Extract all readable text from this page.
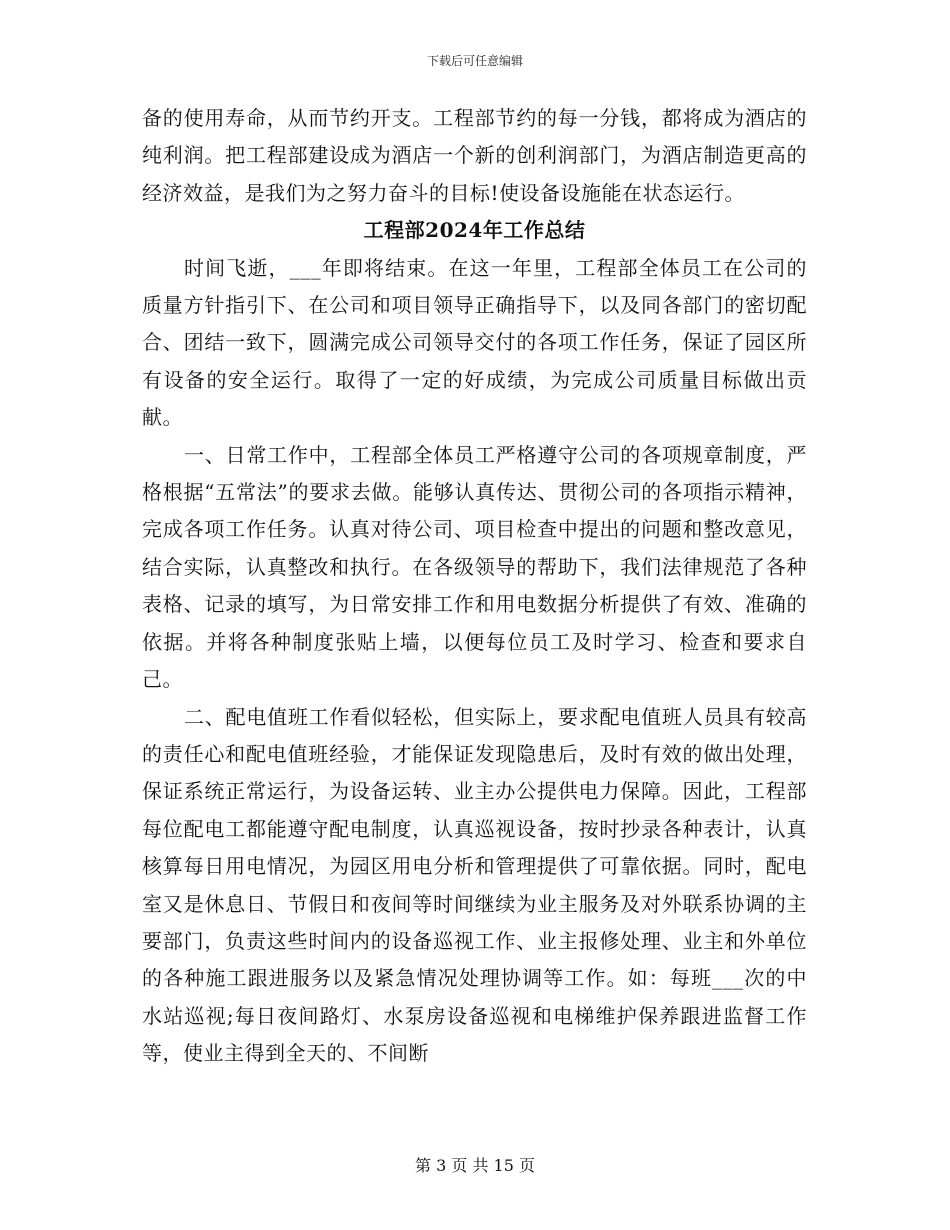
下载后可任意编辑

备的使用寿命，从而节约开支。工程部节约的每一分钱，都将成为酒店的纯利润。把工程部建设成为酒店一个新的创利润部门，为酒店制造更高的经济效益，是我们为之努力奋斗的目标!使设备设施能在状态运行。

工程部2024年工作总结

时间飞逝，___年即将结束。在这一年里，工程部全体员工在公司的质量方针指引下、在公司和项目领导正确指导下，以及同各部门的密切配合、团结一致下，圆满完成公司领导交付的各项工作任务，保证了园区所有设备的安全运行。取得了一定的好成绩，为完成公司质量目标做出贡献。

一、日常工作中，工程部全体员工严格遵守公司的各项规章制度，严格根据“五常法”的要求去做。能够认真传达、贯彻公司的各项指示精神，完成各项工作任务。认真对待公司、项目检查中提出的问题和整改意见，结合实际，认真整改和执行。在各级领导的帮助下，我们法律规范了各种表格、记录的填写，为日常安排工作和用电数据分析提供了有效、准确的依据。并将各种制度张贴上墙，以便每位员工及时学习、检查和要求自己。

二、配电值班工作看似轻松，但实际上，要求配电值班人员具有较高的责任心和配电值班经验，才能保证发现隐患后，及时有效的做出处理，保证系统正常运行，为设备运转、业主办公提供电力保障。因此，工程部每位配电工都能遵守配电制度，认真巡视设备，按时抄录各种表计，认真核算每日用电情况，为园区用电分析和管理提供了可靠依据。同时，配电室又是休息日、节假日和夜间等时间继续为业主服务及对外联系协调的主要部门，负责这些时间内的设备巡视工作、业主报修处理、业主和外单位的各种施工跟进服务以及紧急情况处理协调等工作。如：每班___次的中水站巡视;每日夜间路灯、水泵房设备巡视和电梯维护保养跟进监督工作等，使业主得到全天的、不间断

第 3 页 共 15 页
